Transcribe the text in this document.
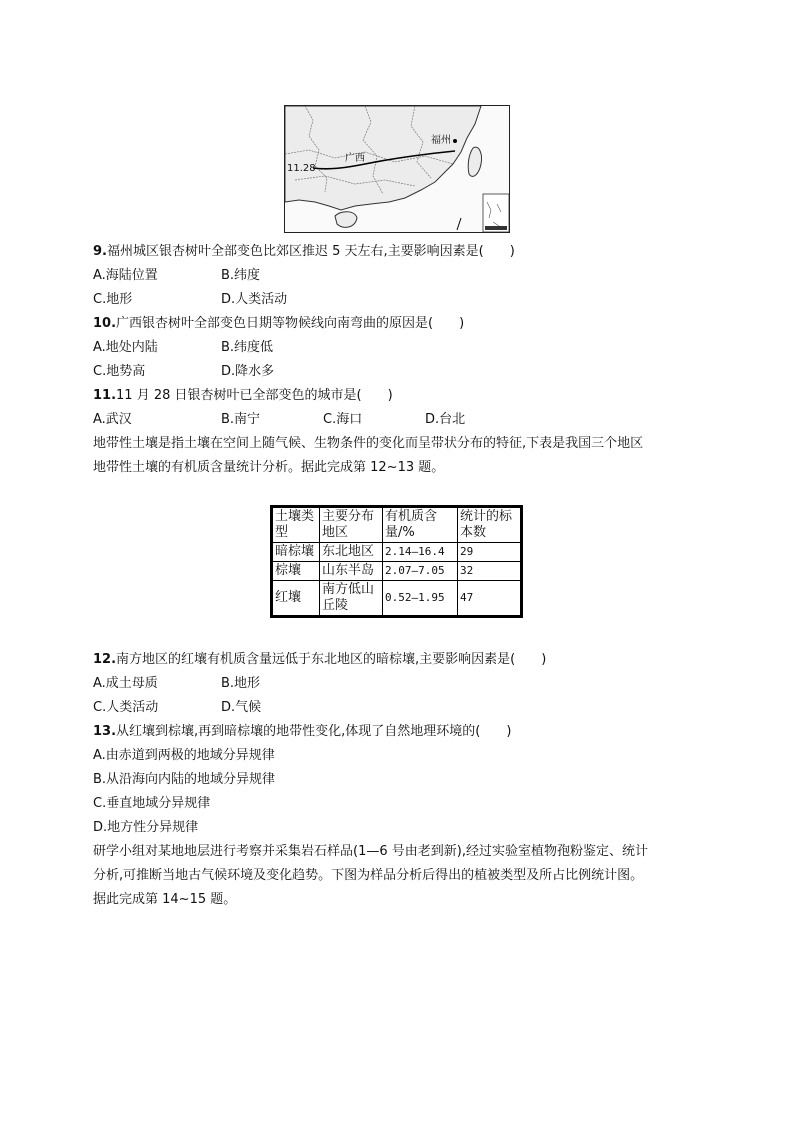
福州
广西
11.28
9.福州城区银杏树叶全部变色比郊区推迟 5 天左右,主要影响因素是(　　)
A.海陆位置	B.纬度
C.地形	D.人类活动
10.广西银杏树叶全部变色日期等物候线向南弯曲的原因是(　　)
A.地处内陆	B.纬度低
C.地势高	D.降水多
11.11 月 28 日银杏树叶已全部变色的城市是(　　)
A.武汉	B.南宁	C.海口	D.台北
地带性土壤是指土壤在空间上随气候、生物条件的变化而呈带状分布的特征,下表是我国三个地区
地带性土壤的有机质含量统计分析。据此完成第 12~13 题。
土壤类型	主要分布地区	有机质含量/%	统计的标本数
暗棕壤	东北地区	2.14—16.4	29
棕壤	山东半岛	2.07—7.05	32
红壤	南方低山丘陵	0.52—1.95	47
12.南方地区的红壤有机质含量远低于东北地区的暗棕壤,主要影响因素是(　　)
A.成土母质	B.地形
C.人类活动	D.气候
13.从红壤到棕壤,再到暗棕壤的地带性变化,体现了自然地理环境的(　　)
A.由赤道到两极的地域分异规律
B.从沿海向内陆的地域分异规律
C.垂直地域分异规律
D.地方性分异规律
研学小组对某地地层进行考察并采集岩石样品(1—6 号由老到新),经过实验室植物孢粉鉴定、统计
分析,可推断当地古气候环境及变化趋势。下图为样品分析后得出的植被类型及所占比例统计图。
据此完成第 14~15 题。
